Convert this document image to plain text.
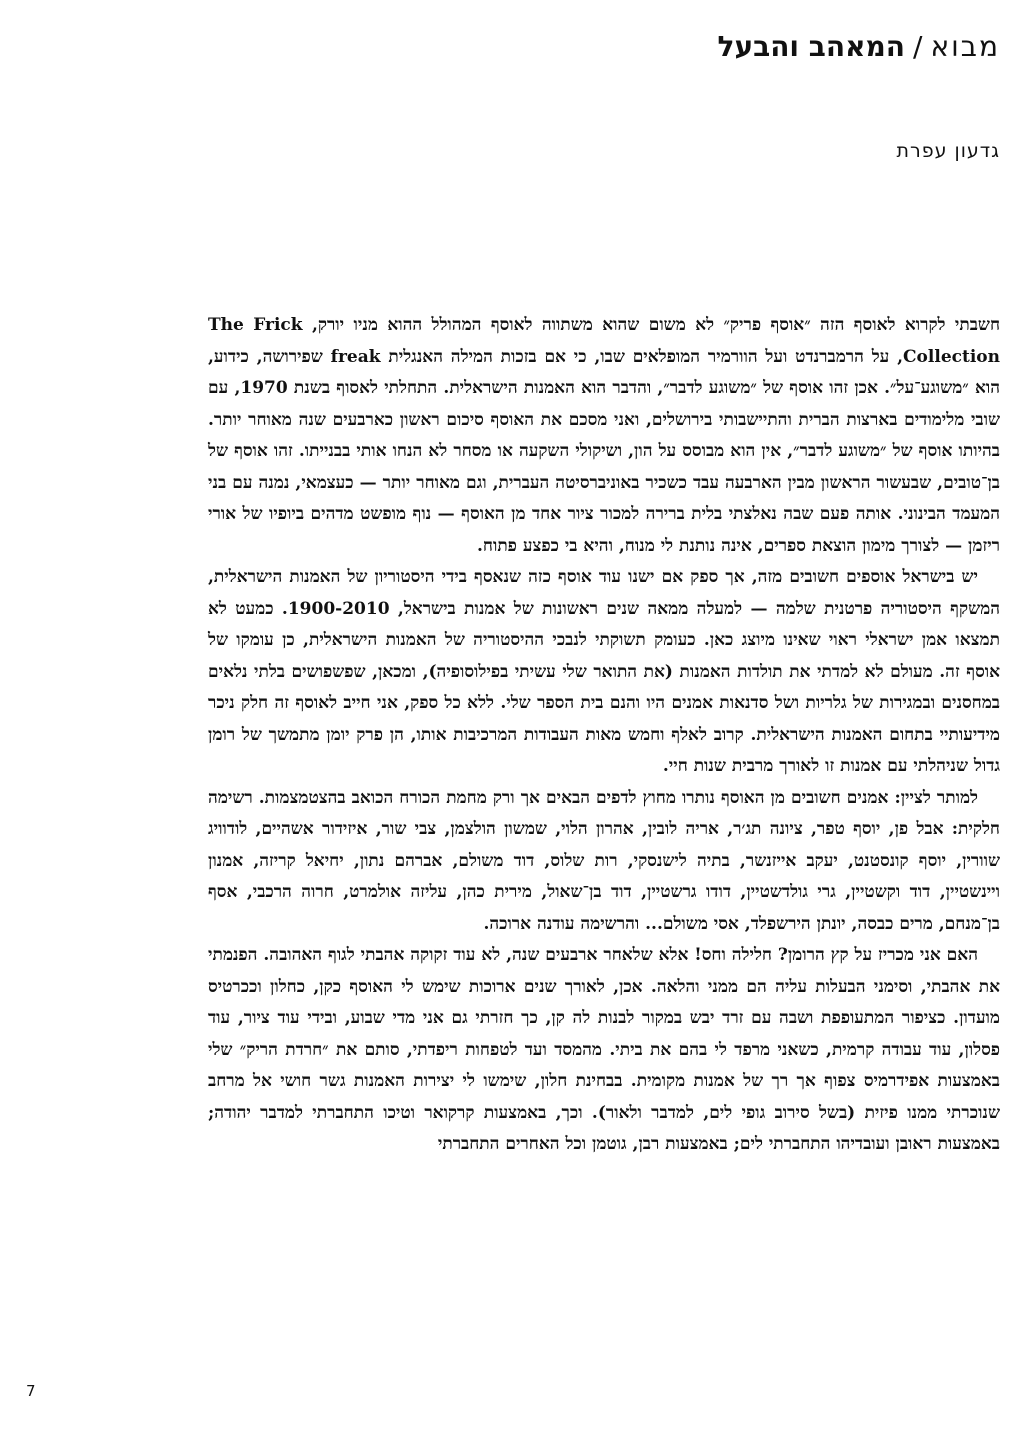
מבוא/המאהב והבעל
גדעון עפרת

חשבתי לקרוא לאוסף הזה ״אוסף פריק״ לא משום שהוא משתווה לאוסף המהולל ההוא מניו יורק, The Frick Collection, על הרמברנדט ועל הוורמיר המופלאים שבו, כי אם בזכות המילה האנגלית freak שפירושה, כידוע, הוא ״משוגע־על״. אכן זהו אוסף של ״משוגע לדבר״, והדבר הוא האמנות הישראלית. התחלתי לאסוף בשנת 1970, עם שובי מלימודים בארצות הברית והתיישבותי בירושלים, ואני מסכם את האוסף סיכום ראשון כארבעים שנה מאוחר יותר. בהיותו אוסף של ״משוגע לדבר״, אין הוא מבוסס על הון, ושיקולי השקעה או מסחר לא הנחו אותי בבנייתו. זהו אוסף של בן־טובים, שבעשור הראשון מבין הארבעה עבד כשכיר באוניברסיטה העברית, וגם מאוחר יותר — כעצמאי, נמנה עם בני המעמד הבינוני. אותה פעם שבה נאלצתי בלית ברירה למכור ציור אחד מן האוסף — נוף מופשט מדהים ביופיו של אורי ריזמן — לצורך מימון הוצאת ספרים, אינה נותנת לי מנוח, והיא בי כפצע פתוח.

יש בישראל אוספים חשובים מזה, אך ספק אם ישנו עוד אוסף כזה שנאסף בידי היסטוריון של האמנות הישראלית, המשקף היסטוריה פרטנית שלמה — למעלה ממאה שנים ראשונות של אמנות בישראל, 1900-2010. כמעט לא תמצאו אמן ישראלי ראוי שאינו מיוצג כאן. כעומק תשוקתי לנבכי ההיסטוריה של האמנות הישראלית, כן עומקו של אוסף זה. מעולם לא למדתי את תולדות האמנות (את התואר שלי עשיתי בפילוסופיה), ומכאן, שפשפושים בלתי נלאים במחסנים ובמגירות של גלריות ושל סדנאות אמנים היו והנם בית הספר שלי. ללא כל ספק, אני חייב לאוסף זה חלק ניכר מידיעותיי בתחום האמנות הישראלית. קרוב לאלף וחמש מאות העבודות המרכיבות אותו, הן פרק יומן מתמשך של רומן גדול שניהלתי עם אמנות זו לאורך מרבית שנות חיי.

למותר לציין: אמנים חשובים מן האוסף נותרו מחוץ לדפים הבאים אך ורק מחמת הכורח הכואב בהצטמצמות. רשימה חלקית: אבל פן, יוסף טפר, ציונה תג׳ר, אריה לובין, אהרון הלוי, שמשון הולצמן, צבי שור, איזידור אשהיים, לודוויג שוורין, יוסף קונסטנט, יעקב אייזנשר, בתיה לישנסקי, רות שלוס, דוד משולם, אברהם נתון, יחיאל קריזה, אמנון ויינשטיין, דוד וקשטיין, גרי גולדשטיין, דודו גרשטיין, דוד בן־שאול, מירית כהן, עליזה אולמרט, חרוה הרכבי, אסף בן־מנחם, מרים כבסה, יונתן הירשפלד, אסי משולם... והרשימה עודנה ארוכה.

האם אני מכריז על קץ הרומן? חלילה וחס! אלא שלאחר ארבעים שנה, לא עוד זקוקה אהבתי לגוף האהובה. הפנמתי את אהבתי, וסימני הבעלות עליה הם ממני והלאה. אכן, לאורך שנים ארוכות שימש לי האוסף כקן, כחלון וככרטיס מועדון. כציפור המתעופפת ושבה עם זרד יבש במקור לבנות לה קן, כך חזרתי גם אני מדי שבוע, ובידי עוד ציור, עוד פסלון, עוד עבודה קרמית, כשאני מרפד לי בהם את ביתי. מהמסד ועד לטפחות ריפדתי, סותם את ״חרדת הריק״ שלי באמצעות אפידרמיס צפוף אך רך של אמנות מקומית. בבחינת חלון, שימשו לי יצירות האמנות גשר חושי אל מרחב שנוכרתי ממנו פיזית (בשל סירוב גופי לים, למדבר ולאור). וכך, באמצעות קרקואר וטיכו התחברתי למדבר יהודה; באמצעות ראובן ועובדיהו התחברתי לים; באמצעות רבן, גוטמן וכל האחרים התחברתי

7
